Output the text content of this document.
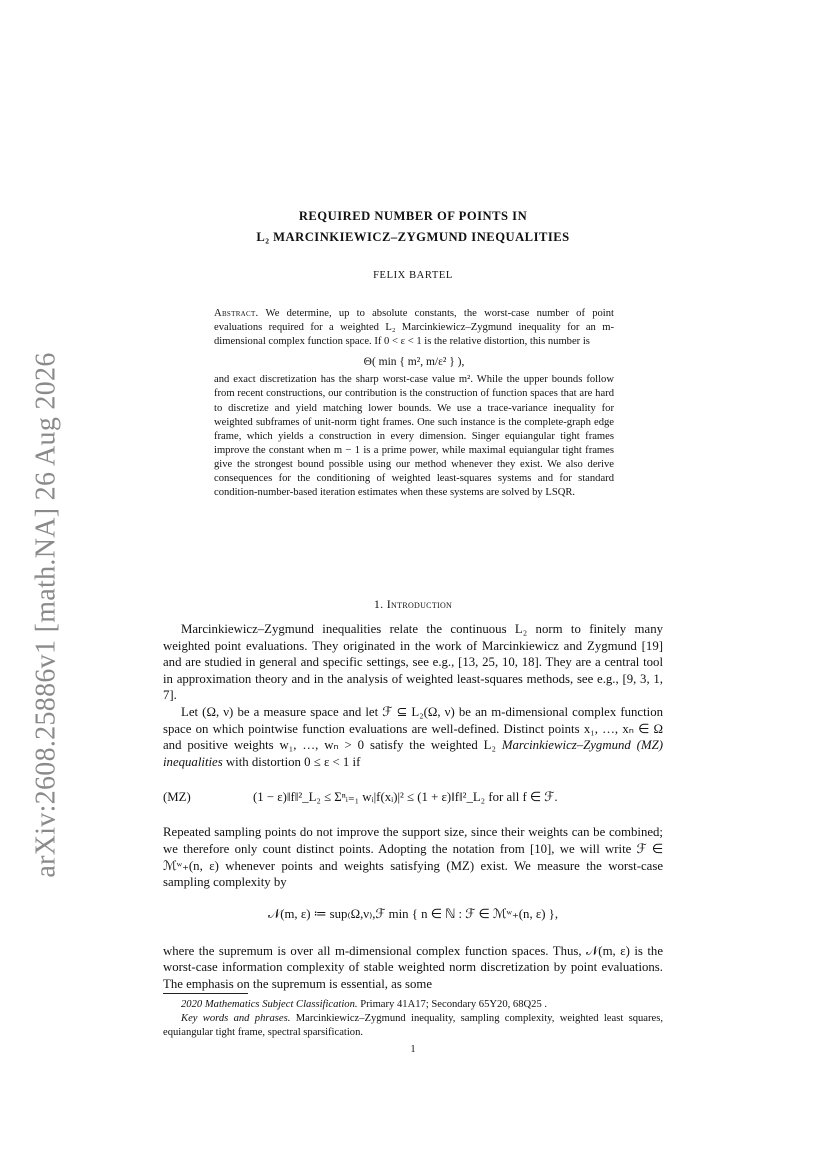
arXiv:2608.25886v1 [math.NA] 26 Aug 2026
REQUIRED NUMBER OF POINTS IN
L₂ MARCINKIEWICZ–ZYGMUND INEQUALITIES
FELIX BARTEL

Abstract. We determine, up to absolute constants, the worst-case number of point evaluations required for a weighted L₂ Marcinkiewicz–Zygmund inequality for an m-dimensional complex function space. If 0 < ε < 1 is the relative distortion, this number is

Θ( min { m², m/ε² } ),

and exact discretization has the sharp worst-case value m². While the upper bounds follow from recent constructions, our contribution is the construction of function spaces that are hard to discretize and yield matching lower bounds. We use a trace-variance inequality for weighted subframes of unit-norm tight frames. One such instance is the complete-graph edge frame, which yields a construction in every dimension. Singer equiangular tight frames improve the constant when m − 1 is a prime power, while maximal equiangular tight frames give the strongest bound possible using our method whenever they exist. We also derive consequences for the conditioning of weighted least-squares systems and for standard condition-number-based iteration estimates when these systems are solved by LSQR.

1. Introduction

Marcinkiewicz–Zygmund inequalities relate the continuous L₂ norm to finitely many weighted point evaluations. They originated in the work of Marcinkiewicz and Zygmund [19] and are studied in general and specific settings, see e.g., [13, 25, 10, 18]. They are a central tool in approximation theory and in the analysis of weighted least-squares methods, see e.g., [9, 3, 1, 7].

Let (Ω, ν) be a measure space and let ℱ ⊆ L₂(Ω, ν) be an m-dimensional complex function space on which pointwise function evaluations are well-defined. Distinct points x₁, …, xₙ ∈ Ω and positive weights w₁, …, wₙ > 0 satisfy the weighted L₂ Marcinkiewicz–Zygmund (MZ) inequalities with distortion 0 ≤ ε < 1 if

(MZ)	(1 − ε)‖f‖²_L₂ ≤ Σⁿᵢ₌₁ wᵢ|f(xᵢ)|² ≤ (1 + ε)‖f‖²_L₂ for all f ∈ ℱ.

Repeated sampling points do not improve the support size, since their weights can be combined; we therefore only count distinct points. Adopting the notation from [10], we will write ℱ ∈ ℳʷ₊(n, ε) whenever points and weights satisfying (MZ) exist. We measure the worst-case sampling complexity by

𝒩(m, ε) ≔ sup₍Ω,ν₎,ℱ min { n ∈ ℕ : ℱ ∈ ℳʷ₊(n, ε) },

where the supremum is over all m-dimensional complex function spaces. Thus, 𝒩(m, ε) is the worst-case information complexity of stable weighted norm discretization by point evaluations. The emphasis on the supremum is essential, as some

2020 Mathematics Subject Classification. Primary 41A17; Secondary 65Y20, 68Q25 .

Key words and phrases. Marcinkiewicz–Zygmund inequality, sampling complexity, weighted least squares, equiangular tight frame, spectral sparsification.

1
